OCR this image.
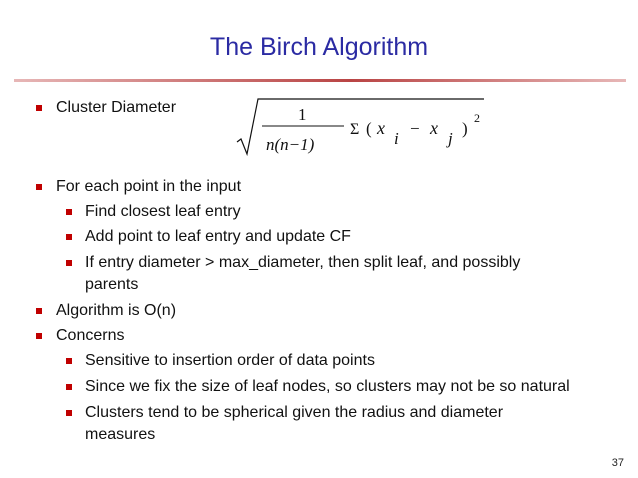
The Birch Algorithm
Cluster Diameter	1
n(n−1)
Σ ( x
i
− x
j
)
2
For each point in the input
Find closest leaf entry
Add point to leaf entry and update CF
If entry diameter > max_diameter, then split leaf, and possibly
parents
Algorithm is O(n)
Concerns
Sensitive to insertion order of data points
Since we fix the size of leaf nodes, so clusters may not be so natural
Clusters tend to be spherical given the radius and diameter
measures
37
